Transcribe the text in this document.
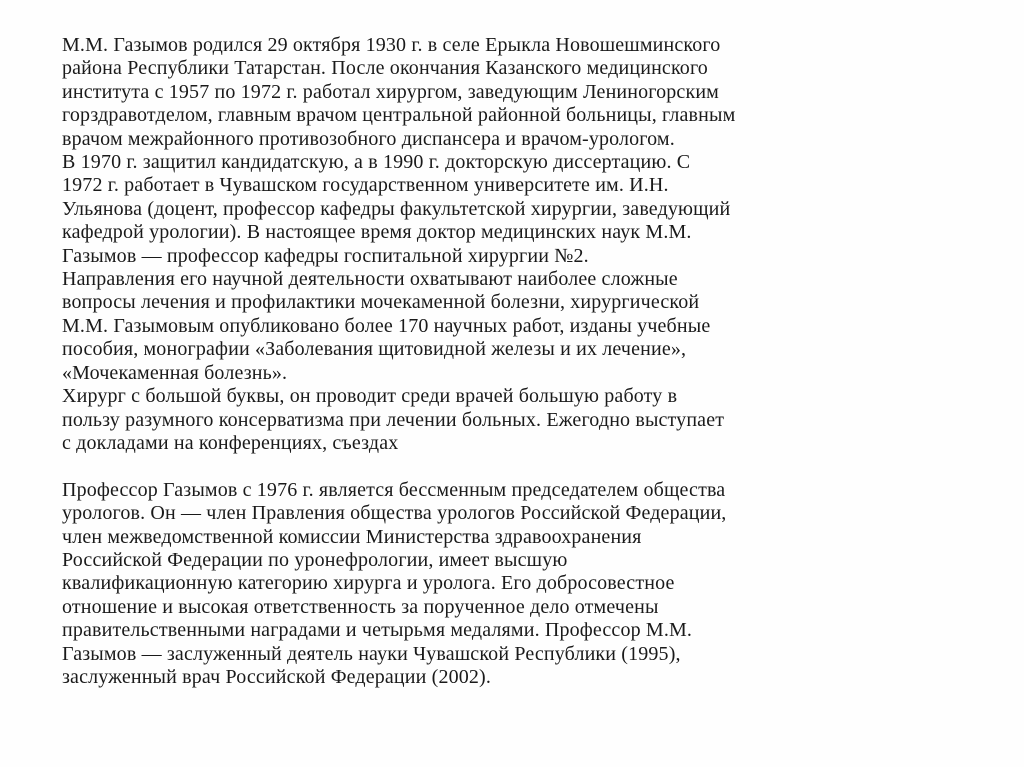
М.М. Газымов родился 29 октября 1930 г. в селе Ерыкла Новошешминского
района Республики Татарстан. После окончания Казанского медицинского
института с 1957 по 1972 г. работал хирургом, заведующим Лениногорским
горздравотделом, главным врачом центральной районной больницы, главным
врачом межрайонного противозобного диспансера и врачом-урологом.
В 1970 г. защитил кандидатскую, а в 1990 г. докторскую диссертацию. С
1972 г. работает в Чувашском государственном университете им. И.Н.
Ульянова (доцент, профессор кафедры факультетской хирургии, заведующий
кафедрой урологии). В настоящее время доктор медицинских наук М.М.
Газымов — профессор кафедры госпитальной хирургии №2.
Направления его научной деятельности охватывают наиболее сложные
вопросы лечения и профилактики мочекаменной болезни, хирургической
М.М. Газымовым опубликовано более 170 научных работ, изданы учебные
пособия, монографии «Заболевания щитовидной железы и их лечение»,
«Мочекаменная болезнь».
Хирург с большой буквы, он проводит среди врачей большую работу в
пользу разумного консерватизма при лечении больных. Ежегодно выступает
с докладами на конференциях, съездах
Профессор Газымов с 1976 г. является бессменным председателем общества
урологов. Он — член Правления общества урологов Российской Федерации,
член межведомственной комиссии Министерства здравоохранения
Российской Федерации по уронефрологии, имеет высшую
квалификационную категорию хирурга и уролога. Его добросовестное
отношение и высокая ответственность за порученное дело отмечены
правительственными наградами и четырьмя медалями. Профессор М.М.
Газымов — заслуженный деятель науки Чувашской Республики (1995),
заслуженный врач Российской Федерации (2002).
